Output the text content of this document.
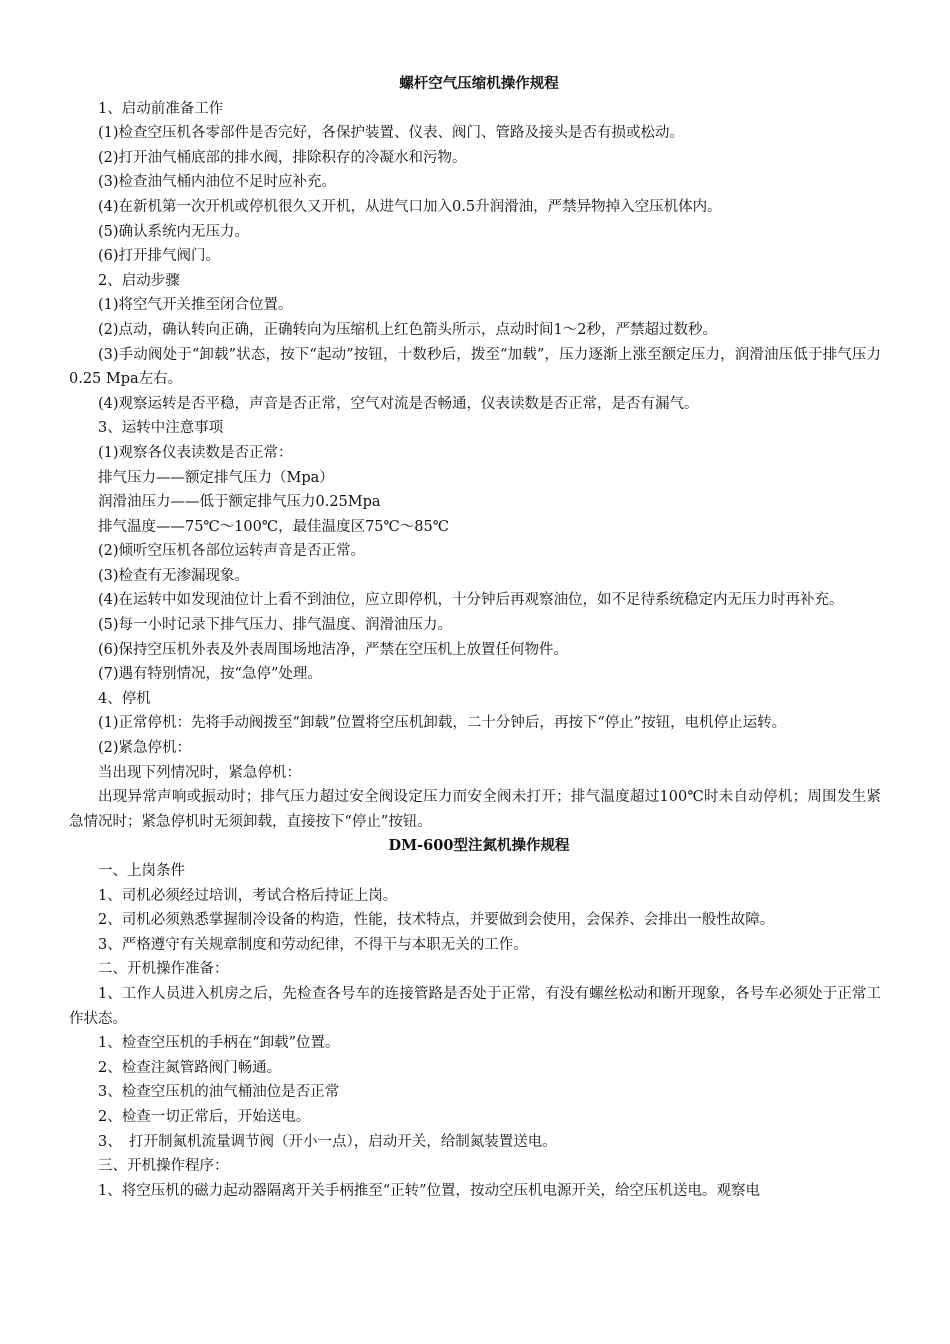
螺杆空气压缩机操作规程

1、启动前准备工作

(1)检查空压机各零部件是否完好，各保护装置、仪表、阀门、管路及接头是否有损或松动。

(2)打开油气桶底部的排水阀，排除积存的冷凝水和污物。

(3)检查油气桶内油位不足时应补充。

(4)在新机第一次开机或停机很久又开机，从进气口加入0.5升润滑油，严禁异物掉入空压机体内。

(5)确认系统内无压力。

(6)打开排气阀门。

2、启动步骤

(1)将空气开关推至闭合位置。

(2)点动，确认转向正确，正确转向为压缩机上红色箭头所示，点动时间1～2秒，严禁超过数秒。

(3)手动阀处于“卸载”状态，按下“起动”按钮，十数秒后，拨至“加载”，压力逐渐上涨至额定压力，润滑油压低于排气压力0.25 Mpa左右。

(4)观察运转是否平稳，声音是否正常，空气对流是否畅通，仪表读数是否正常，是否有漏气。

3、运转中注意事项

(1)观察各仪表读数是否正常：

排气压力——额定排气压力（Mpa）

润滑油压力——低于额定排气压力0.25Mpa

排气温度——75℃～100℃，最佳温度区75℃～85℃

(2)倾听空压机各部位运转声音是否正常。

(3)检查有无渗漏现象。

(4)在运转中如发现油位计上看不到油位，应立即停机，十分钟后再观察油位，如不足待系统稳定内无压力时再补充。

(5)每一小时记录下排气压力、排气温度、润滑油压力。

(6)保持空压机外表及外表周围场地洁净，严禁在空压机上放置任何物件。

(7)遇有特别情况，按“急停”处理。

4、停机

(1)正常停机：先将手动阀拨至“卸载”位置将空压机卸载，二十分钟后，再按下“停止”按钮，电机停止运转。

(2)紧急停机：

当出现下列情况时，紧急停机：

出现异常声响或振动时；排气压力超过安全阀设定压力而安全阀未打开；排气温度超过100℃时未自动停机；周围发生紧急情况时；紧急停机时无须卸载，直接按下“停止”按钮。

DM-600型注氮机操作规程

一、上岗条件

1、司机必须经过培训，考试合格后持证上岗。

2、司机必须熟悉掌握制冷设备的构造，性能，技术特点，并要做到会使用，会保养、会排出一般性故障。

3、严格遵守有关规章制度和劳动纪律，不得干与本职无关的工作。

二、开机操作准备：

1、工作人员进入机房之后，先检查各号车的连接管路是否处于正常，有没有螺丝松动和断开现象，各号车必须处于正常工作状态。

1、检查空压机的手柄在“卸载”位置。

2、检查注氮管路阀门畅通。

3、检查空压机的油气桶油位是否正常

2、检查一切正常后，开始送电。

3、　打开制氮机流量调节阀（开小一点），启动开关，给制氮装置送电。

三、开机操作程序：

1、将空压机的磁力起动器隔离开关手柄推至“正转”位置，按动空压机电源开关，给空压机送电。观察电
